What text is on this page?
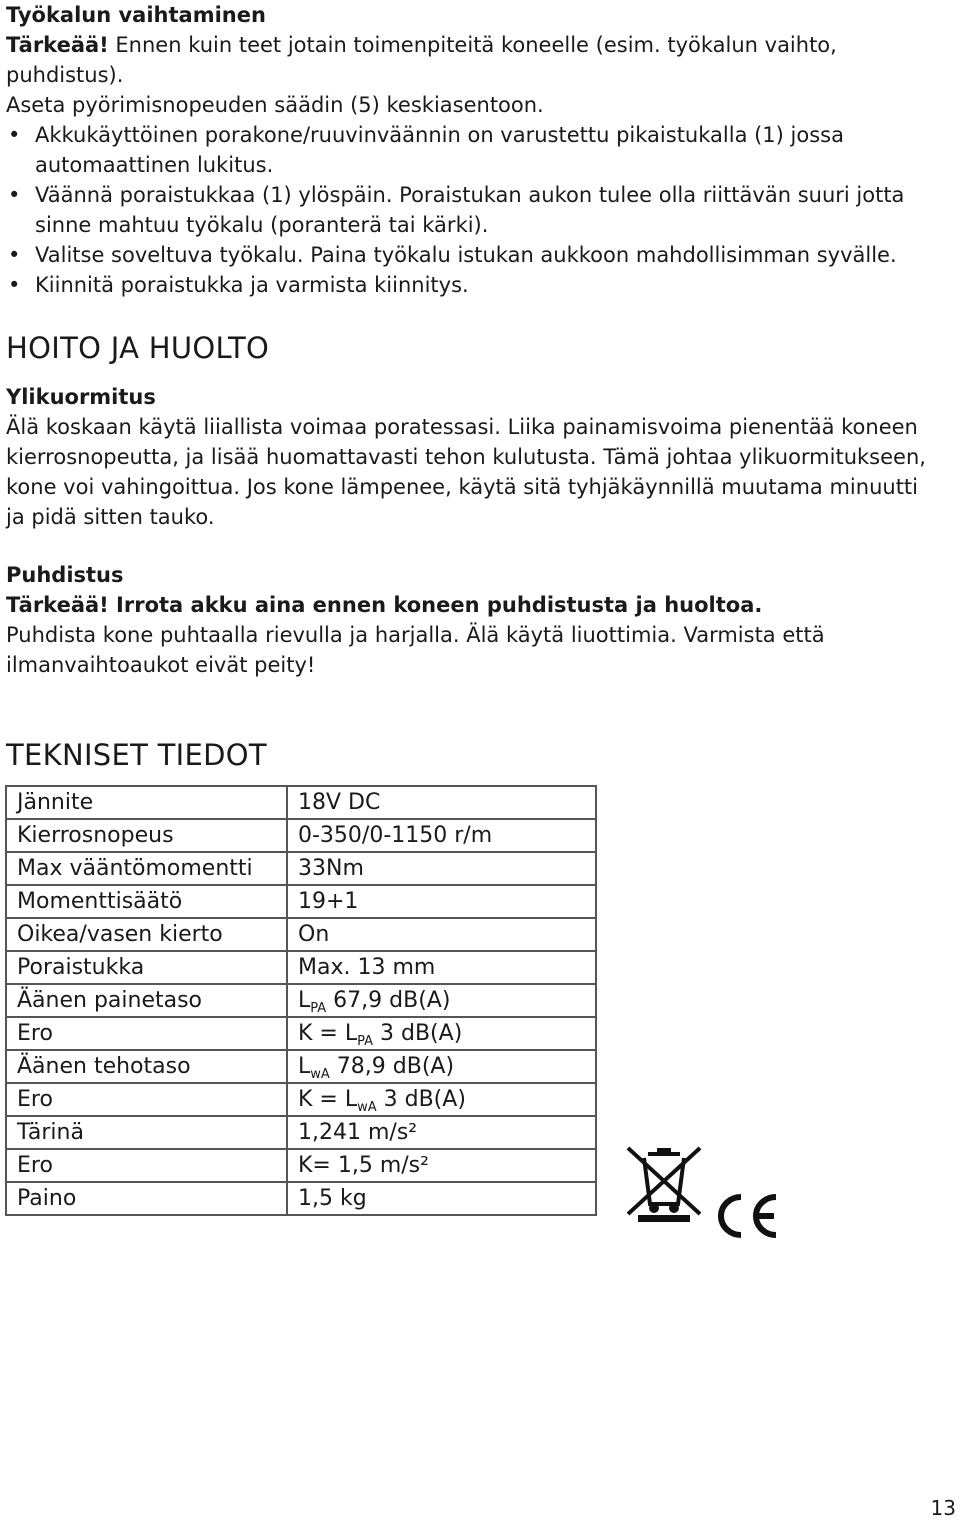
Työkalun vaihtaminen

Tärkeää! Ennen kuin teet jotain toimenpiteitä koneelle (esim. työkalun vaihto, puhdistus).

Aseta pyörimisnopeuden säädin (5) keskiasentoon.

• Akkukäyttöinen porakone/ruuvinväännin on varustettu pikaistukalla (1) jossa automaattinen lukitus.
• Väännä poraistukkaa (1) ylöspäin. Poraistukan aukon tulee olla riittävän suuri jotta sinne mahtuu työkalu (poranterä tai kärki).
• Valitse soveltuva työkalu. Paina työkalu istukan aukkoon mahdollisimman syvälle.
• Kiinnitä poraistukka ja varmista kiinnitys.
HOITO JA HUOLTO

Ylikuormitus

Älä koskaan käytä liiallista voimaa poratessasi. Liika painamisvoima pienentää koneen kierrosnopeutta, ja lisää huomattavasti tehon kulutusta. Tämä johtaa ylikuormitukseen, kone voi vahingoittua. Jos kone lämpenee, käytä sitä tyhjäkäynnillä muutama minuutti ja pidä sitten tauko.

Puhdistus

Tärkeää! Irrota akku aina ennen koneen puhdistusta ja huoltoa.

Puhdista kone puhtaalla rievulla ja harjalla. Älä käytä liuottimia. Varmista että ilmanvaihtoaukot eivät peity!

TEKNISET TIEDOT
Jännite	18V DC
Kierrosnopeus	0-350/0-1150 r/m
Max vääntömomentti	33Nm
Momenttisäätö	19+1
Oikea/vasen kierto	On
Poraistukka	Max. 13 mm
Äänen painetaso	$L_{PA}$ 67,9 dB(A)
Ero	$K = L_{PA}$ 3 dB(A)
Äänen tehotaso	$L_{wA}$ 78,9 dB(A)
Ero	$K = L_{wA}$ 3 dB(A)
Tärinä	1,241 m/s²
Ero	K= 1,5 m/s²
Paino	1,5 kg
13
